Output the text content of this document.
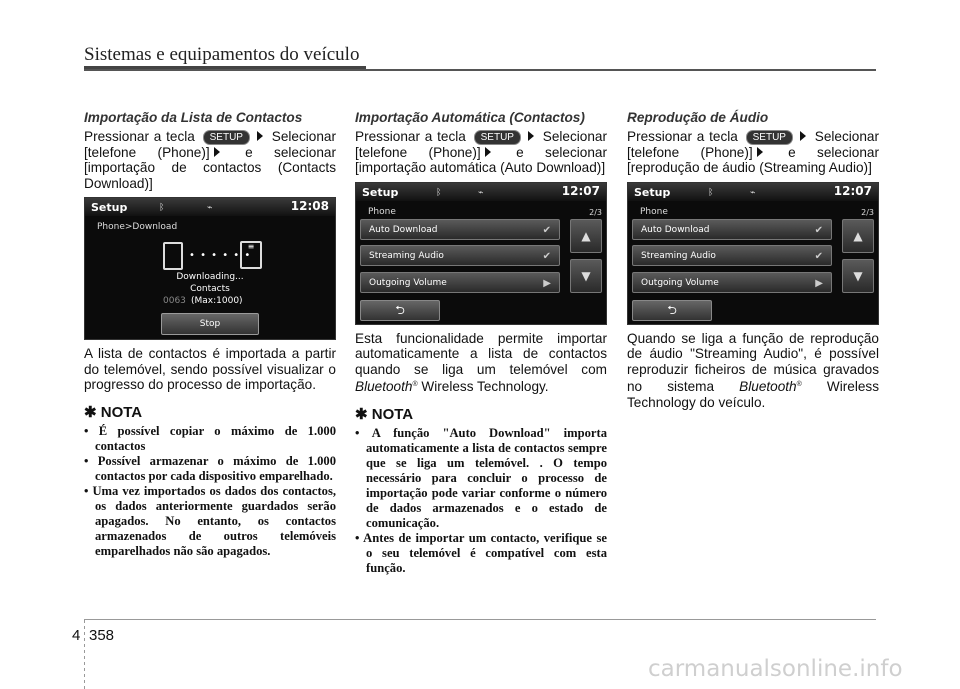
Sistemas e equipamentos do veículo
Importação da Lista de Contactos
Pressionar a tecla SETUP Selecionar [telefone (Phone)]	e selecionar [importação de contactos (Contacts Download)]
Setup	ᛒ	⌁	12:08
Phone>Download
• • • • • •
≡
Downloading...
Contacts
0063 (Max:1000)
Stop
A lista de contactos é importada a partir do telemóvel, sendo possível visualizar o progresso do processo de importação.
✱ NOTA
• É possível copiar o máximo de 1.000 contactos
• Possível armazenar o máximo de 1.000 contactos por cada dispositivo emparelhado.
• Uma vez importados os dados dos contactos, os dados anteriormente guardados serão apagados. No entanto, os contactos armazenados de outros telemóveis emparelhados não são apagados.
Importação Automática (Contactos)
Pressionar a tecla SETUP Selecionar [telefone (Phone)]	e selecionar [importação automática (Auto Download)]
Setup	ᛒ	⌁	12:07
Phone	2/3
Auto Download	✔
Streaming Audio	✔
Outgoing Volume	▶
▲
▼
⮌
Esta funcionalidade permite importar automaticamente a lista de contactos quando se liga um telemóvel com Bluetooth® Wireless Technology.
✱ NOTA
• A função "Auto Download" importa automaticamente a lista de contactos sempre que se liga um telemóvel. . O tempo necessário para concluir o processo de importação pode variar conforme o número de dados armazenados e o estado de comunicação.
• Antes de importar um contacto, verifique se o seu telemóvel é compatível com esta função.
Reprodução de Áudio
Pressionar a tecla SETUP Selecionar [telefone (Phone)]	e selecionar [reprodução de áudio (Streaming Audio)]
Setup	ᛒ	⌁	12:07
Phone	2/3
Auto Download	✔
Streaming Audio	✔
Outgoing Volume	▶
▲
▼
⮌
Quando se liga a função de reprodução de áudio "Streaming Audio", é possível reproduzir ficheiros de música gravados no sistema Bluetooth® Wireless Technology do veículo.
4 358
carmanualsonline.info
